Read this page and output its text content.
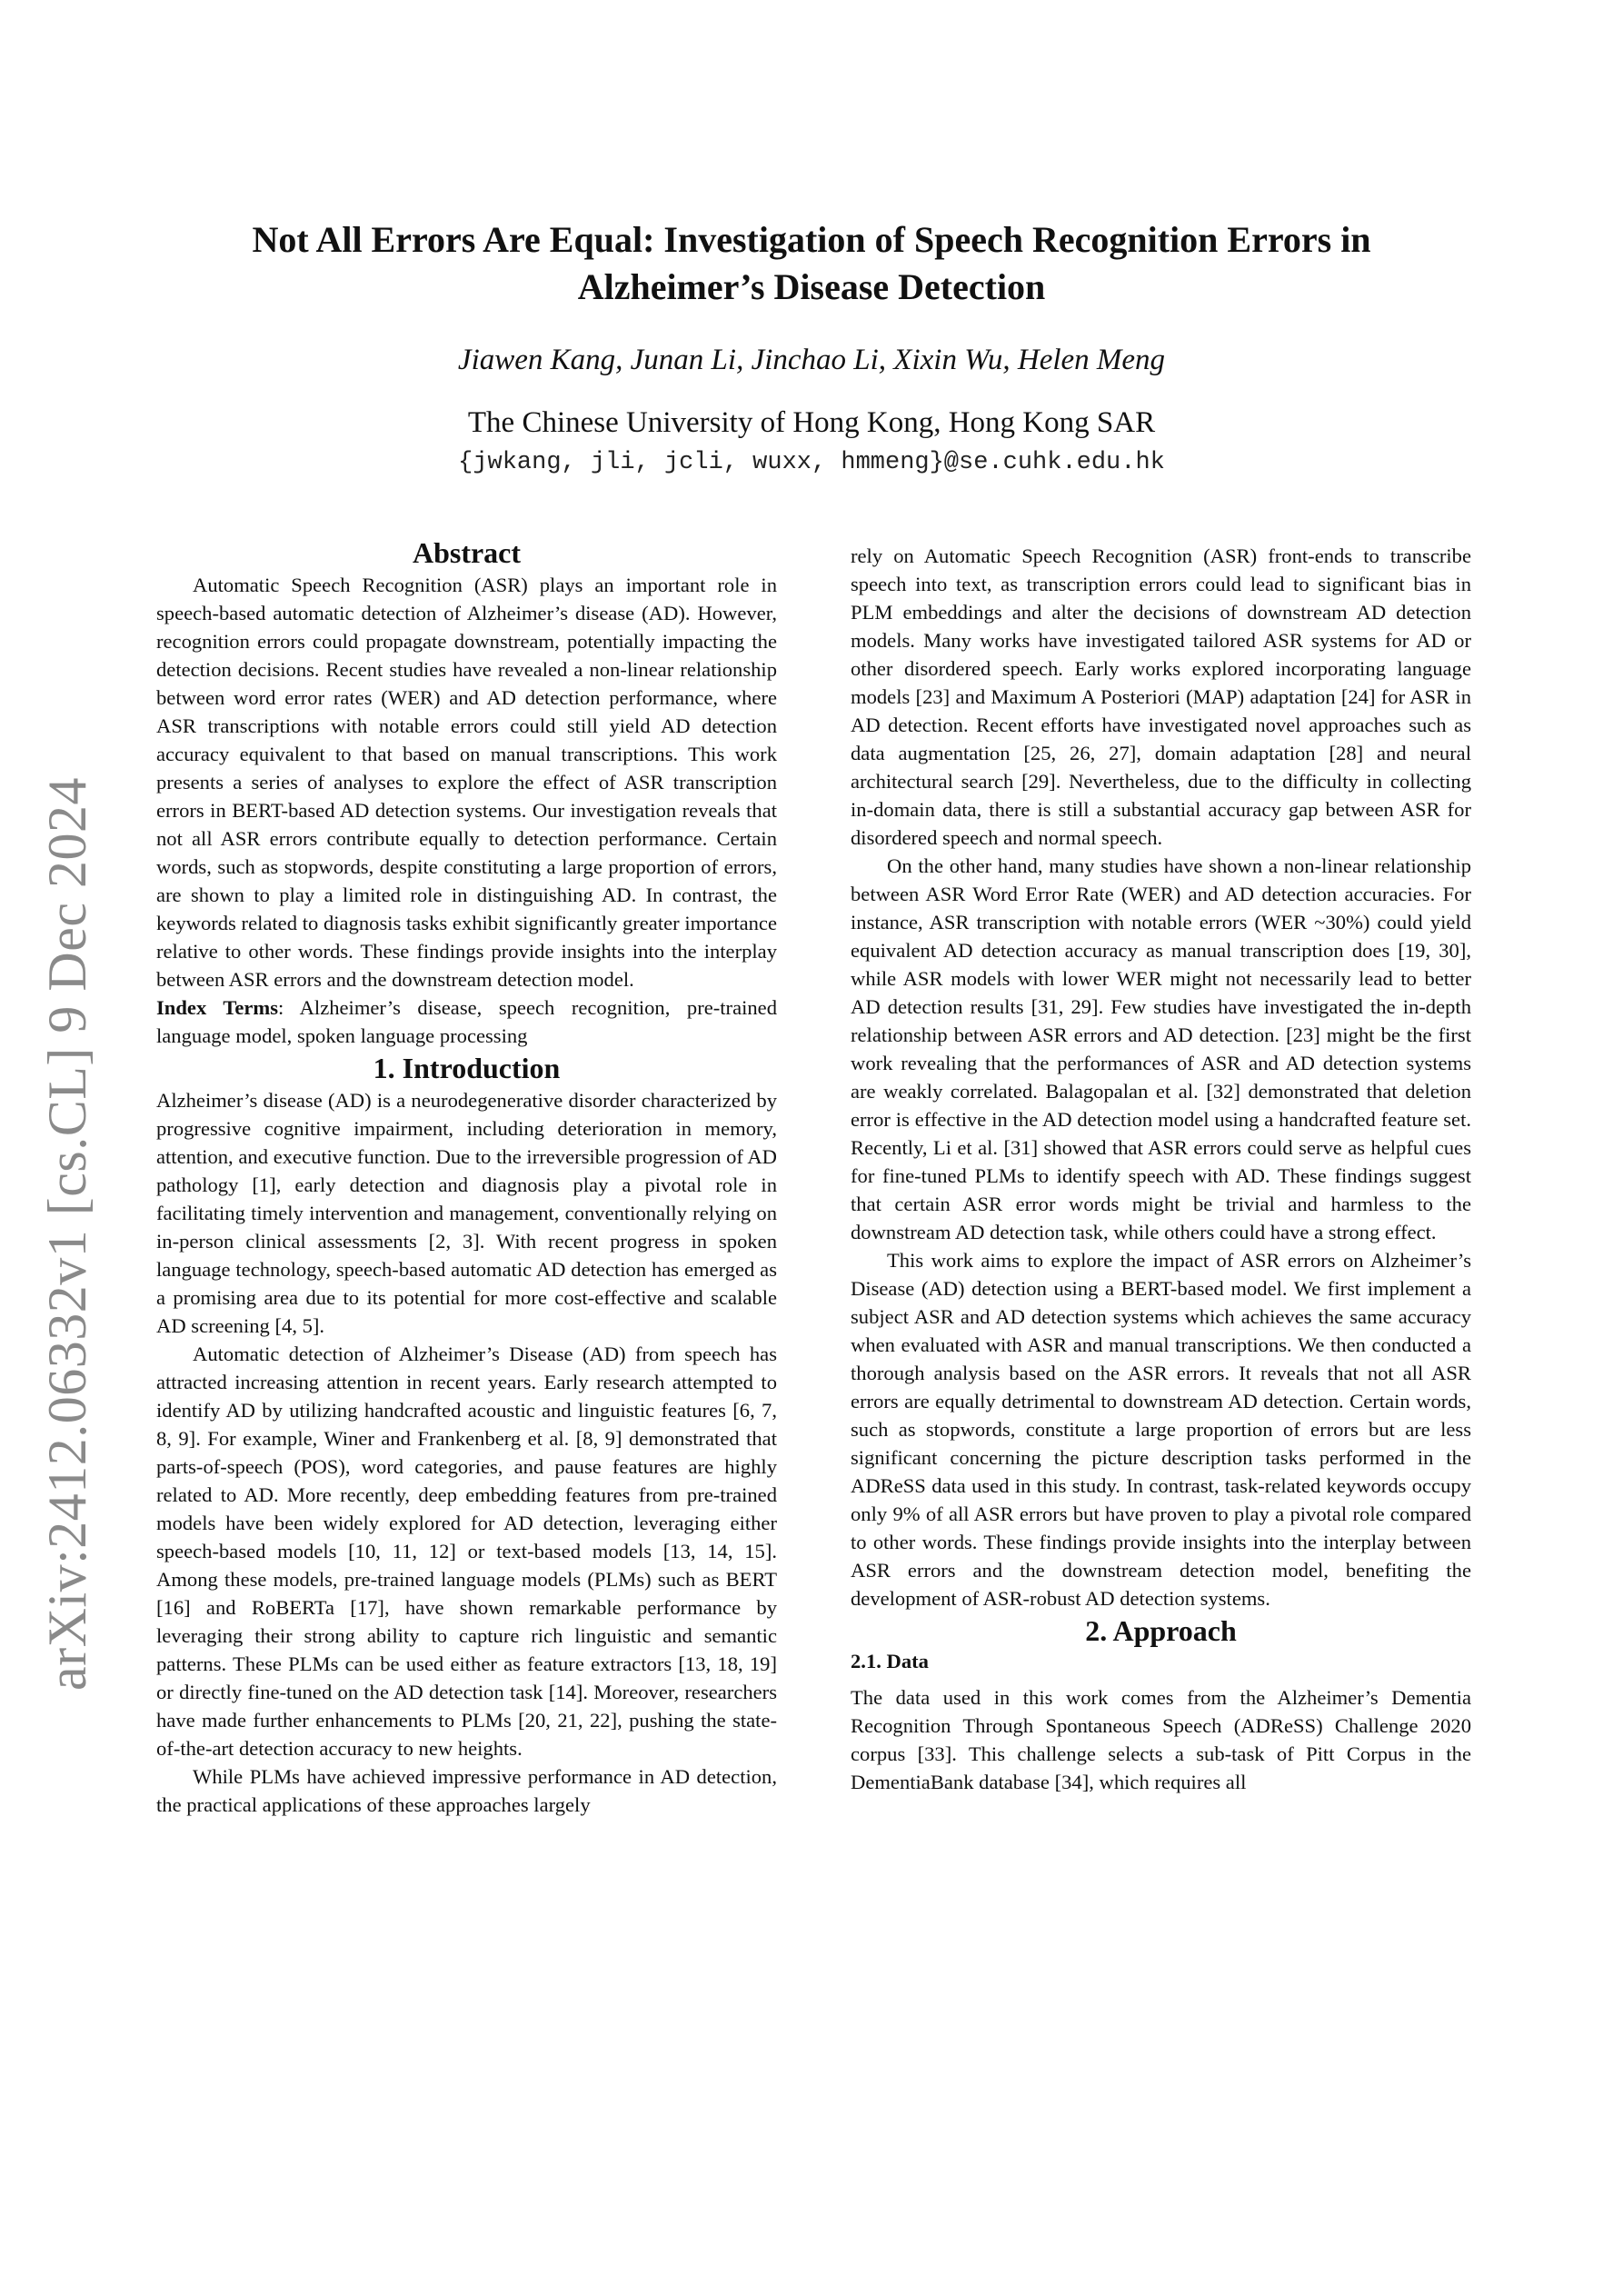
arXiv:2412.06332v1 [cs.CL] 9 Dec 2024
Not All Errors Are Equal: Investigation of Speech Recognition Errors in Alzheimer’s Disease Detection
Jiawen Kang, Junan Li, Jinchao Li, Xixin Wu, Helen Meng
The Chinese University of Hong Kong, Hong Kong SAR
{jwkang, jli, jcli, wuxx, hmmeng}@se.cuhk.edu.hk
Abstract

Automatic Speech Recognition (ASR) plays an important role in speech-based automatic detection of Alzheimer’s disease (AD). However, recognition errors could propagate downstream, potentially impacting the detection decisions. Recent studies have revealed a non-linear relationship between word error rates (WER) and AD detection performance, where ASR transcriptions with notable errors could still yield AD detection accuracy equivalent to that based on manual transcriptions. This work presents a series of analyses to explore the effect of ASR transcription errors in BERT-based AD detection systems. Our investigation reveals that not all ASR errors contribute equally to detection performance. Certain words, such as stopwords, despite constituting a large proportion of errors, are shown to play a limited role in distinguishing AD. In contrast, the keywords related to diagnosis tasks exhibit significantly greater importance relative to other words. These findings provide insights into the interplay between ASR errors and the downstream detection model.

Index Terms: Alzheimer’s disease, speech recognition, pre-trained language model, spoken language processing

1. Introduction

Alzheimer’s disease (AD) is a neurodegenerative disorder characterized by progressive cognitive impairment, including deterioration in memory, attention, and executive function. Due to the irreversible progression of AD pathology [1], early detection and diagnosis play a pivotal role in facilitating timely intervention and management, conventionally relying on in-person clinical assessments [2, 3]. With recent progress in spoken language technology, speech-based automatic AD detection has emerged as a promising area due to its potential for more cost-effective and scalable AD screening [4, 5].

Automatic detection of Alzheimer’s Disease (AD) from speech has attracted increasing attention in recent years. Early research attempted to identify AD by utilizing handcrafted acoustic and linguistic features [6, 7, 8, 9]. For example, Winer and Frankenberg et al. [8, 9] demonstrated that parts-of-speech (POS), word categories, and pause features are highly related to AD. More recently, deep embedding features from pre-trained models have been widely explored for AD detection, leveraging either speech-based models [10, 11, 12] or text-based models [13, 14, 15]. Among these models, pre-trained language models (PLMs) such as BERT [16] and RoBERTa [17], have shown remarkable performance by leveraging their strong ability to capture rich linguistic and semantic patterns. These PLMs can be used either as feature extractors [13, 18, 19] or directly fine-tuned on the AD detection task [14]. Moreover, researchers have made further enhancements to PLMs [20, 21, 22], pushing the state-of-the-art detection accuracy to new heights.

While PLMs have achieved impressive performance in AD detection, the practical applications of these approaches largely

rely on Automatic Speech Recognition (ASR) front-ends to transcribe speech into text, as transcription errors could lead to significant bias in PLM embeddings and alter the decisions of downstream AD detection models. Many works have investigated tailored ASR systems for AD or other disordered speech. Early works explored incorporating language models [23] and Maximum A Posteriori (MAP) adaptation [24] for ASR in AD detection. Recent efforts have investigated novel approaches such as data augmentation [25, 26, 27], domain adaptation [28] and neural architectural search [29]. Nevertheless, due to the difficulty in collecting in-domain data, there is still a substantial accuracy gap between ASR for disordered speech and normal speech.

On the other hand, many studies have shown a non-linear relationship between ASR Word Error Rate (WER) and AD detection accuracies. For instance, ASR transcription with notable errors (WER ~30%) could yield equivalent AD detection accuracy as manual transcription does [19, 30], while ASR models with lower WER might not necessarily lead to better AD detection results [31, 29]. Few studies have investigated the in-depth relationship between ASR errors and AD detection. [23] might be the first work revealing that the performances of ASR and AD detection systems are weakly correlated. Balagopalan et al. [32] demonstrated that deletion error is effective in the AD detection model using a handcrafted feature set. Recently, Li et al. [31] showed that ASR errors could serve as helpful cues for fine-tuned PLMs to identify speech with AD. These findings suggest that certain ASR error words might be trivial and harmless to the downstream AD detection task, while others could have a strong effect.

This work aims to explore the impact of ASR errors on Alzheimer’s Disease (AD) detection using a BERT-based model. We first implement a subject ASR and AD detection systems which achieves the same accuracy when evaluated with ASR and manual transcriptions. We then conducted a thorough analysis based on the ASR errors. It reveals that not all ASR errors are equally detrimental to downstream AD detection. Certain words, such as stopwords, constitute a large proportion of errors but are less significant concerning the picture description tasks performed in the ADReSS data used in this study. In contrast, task-related keywords occupy only 9% of all ASR errors but have proven to play a pivotal role compared to other words. These findings provide insights into the interplay between ASR errors and the downstream detection model, benefiting the development of ASR-robust AD detection systems.

2. Approach
2.1. Data

The data used in this work comes from the Alzheimer’s Dementia Recognition Through Spontaneous Speech (ADReSS) Challenge 2020 corpus [33]. This challenge selects a sub-task of Pitt Corpus in the DementiaBank database [34], which requires all
